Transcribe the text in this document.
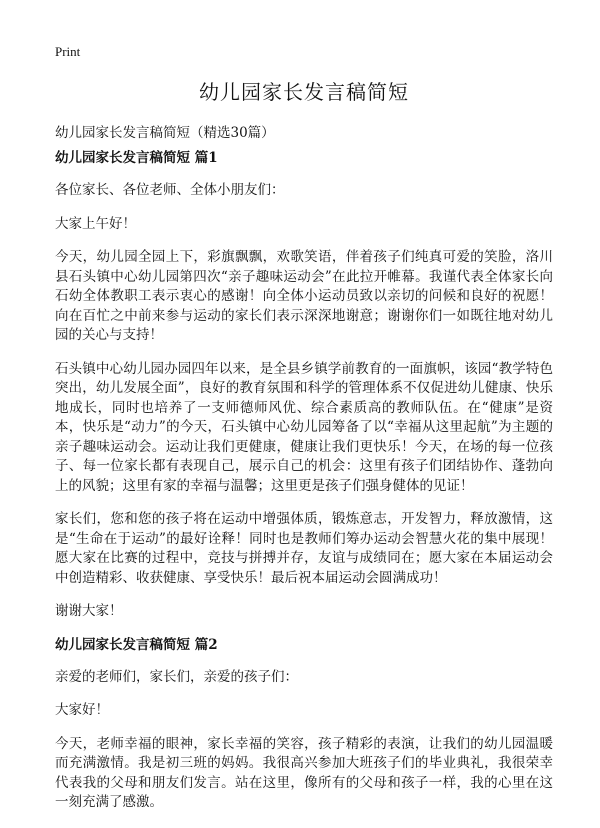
Print
幼儿园家长发言稿简短

幼儿园家长发言稿简短（精选30篇）

幼儿园家长发言稿简短 篇1

各位家长、各位老师、全体小朋友们：

大家上午好！

今天，幼儿园全园上下，彩旗飘飘，欢歌笑语，伴着孩子们纯真可爱的笑脸，洛川县石头镇中心幼儿园第四次“亲子趣味运动会”在此拉开帷幕。我谨代表全体家长向石幼全体教职工表示衷心的感谢！向全体小运动员致以亲切的问候和良好的祝愿！向在百忙之中前来参与运动的家长们表示深深地谢意；谢谢你们一如既往地对幼儿园的关心与支持！

石头镇中心幼儿园办园四年以来，是全县乡镇学前教育的一面旗帜，该园“教学特色突出，幼儿发展全面”，良好的教育氛围和科学的管理体系不仅促进幼儿健康、快乐地成长，同时也培养了一支师德师风优、综合素质高的教师队伍。在“健康”是资本，快乐是“动力”的今天，石头镇中心幼儿园筹备了以“幸福从这里起航”为主题的亲子趣味运动会。运动让我们更健康，健康让我们更快乐！今天，在场的每一位孩子、每一位家长都有表现自己，展示自己的机会：这里有孩子们团结协作、蓬勃向上的风貌；这里有家的幸福与温馨；这里更是孩子们强身健体的见证！

家长们，您和您的孩子将在运动中增强体质，锻炼意志，开发智力，释放激情，这是“生命在于运动”的最好诠释！同时也是教师们筹办运动会智慧火花的集中展现！愿大家在比赛的过程中，竞技与拼搏并存，友谊与成绩同在；愿大家在本届运动会中创造精彩、收获健康、享受快乐！最后祝本届运动会圆满成功！

谢谢大家！

幼儿园家长发言稿简短 篇2

亲爱的老师们，家长们，亲爱的孩子们：

大家好！

今天，老师幸福的眼神，家长幸福的笑容，孩子精彩的表演，让我们的幼儿园温暖而充满激情。我是初三班的妈妈。我很高兴参加大班孩子们的毕业典礼，我很荣幸代表我的父母和朋友们发言。站在这里，像所有的父母和孩子一样，我的心里在这一刻充满了感激。
